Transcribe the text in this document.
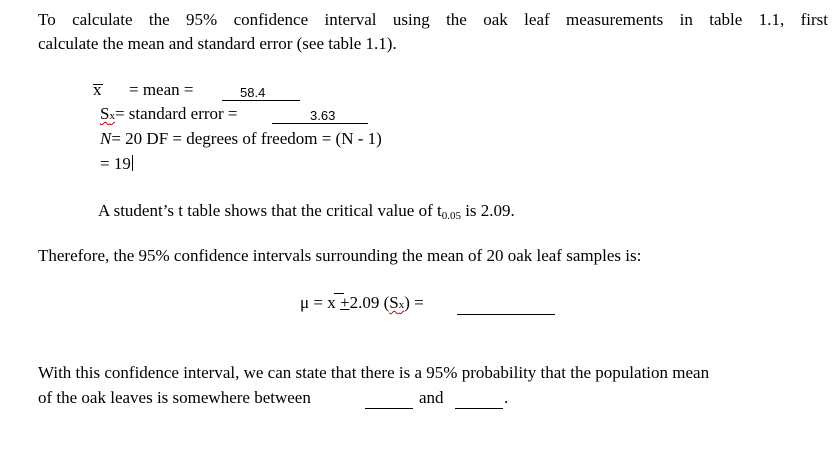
To calculate the 95% confidence interval using the oak leaf measurements in table 1.1, first
calculate the mean and standard error (see table 1.1).
x = mean =	58.4
Sx= standard error =	3.63
N= 20 DF = degrees of freedom = (N - 1)
= 19
A student’s t table shows that the critical value of $t_{0.05}$ is 2.09.
Therefore, the 95% confidence intervals surrounding the mean of 20 oak leaf samples is:
μ = x +2.09 (Sx) =
With this confidence interval, we can state that there is a 95% probability that the population mean
of the oak leaves is somewhere between	and	.
